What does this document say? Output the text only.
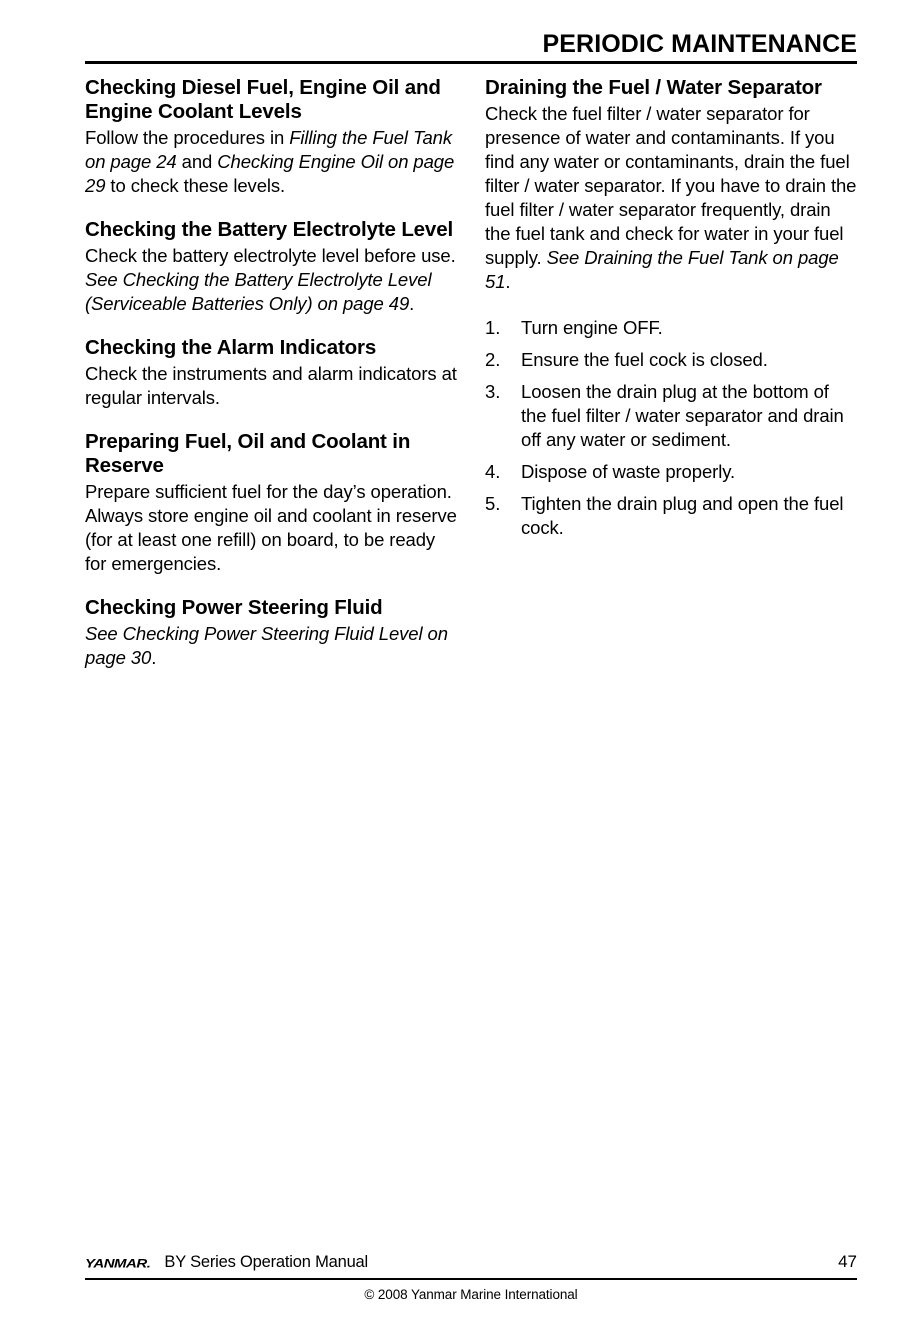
PERIODIC MAINTENANCE
Checking Diesel Fuel, Engine Oil and Engine Coolant Levels

Follow the procedures in Filling the Fuel Tank on page 24 and Checking Engine Oil on page 29 to check these levels.

Checking the Battery Electrolyte Level

Check the battery electrolyte level before use. See Checking the Battery Electrolyte Level (Serviceable Batteries Only) on page 49.

Checking the Alarm Indicators

Check the instruments and alarm indicators at regular intervals.

Preparing Fuel, Oil and Coolant in Reserve

Prepare sufficient fuel for the day’s operation. Always store engine oil and coolant in reserve (for at least one refill) on board, to be ready for emergencies.

Checking Power Steering Fluid

See Checking Power Steering Fluid Level on page 30.

Draining the Fuel / Water Separator

Check the fuel filter / water separator for presence of water and contaminants. If you find any water or contaminants, drain the fuel filter / water separator. If you have to drain the fuel filter / water separator frequently, drain the fuel tank and check for water in your fuel supply. See Draining the Fuel Tank on page 51.

1.	Turn engine OFF.
2.	Ensure the fuel cock is closed.
3.	Loosen the drain plug at the bottom of the fuel filter / water separator and drain off any water or sediment.
4.	Dispose of waste properly.
5.	Tighten the drain plug and open the fuel cock.
YANMAR. BY Series Operation Manual	47
© 2008 Yanmar Marine International
